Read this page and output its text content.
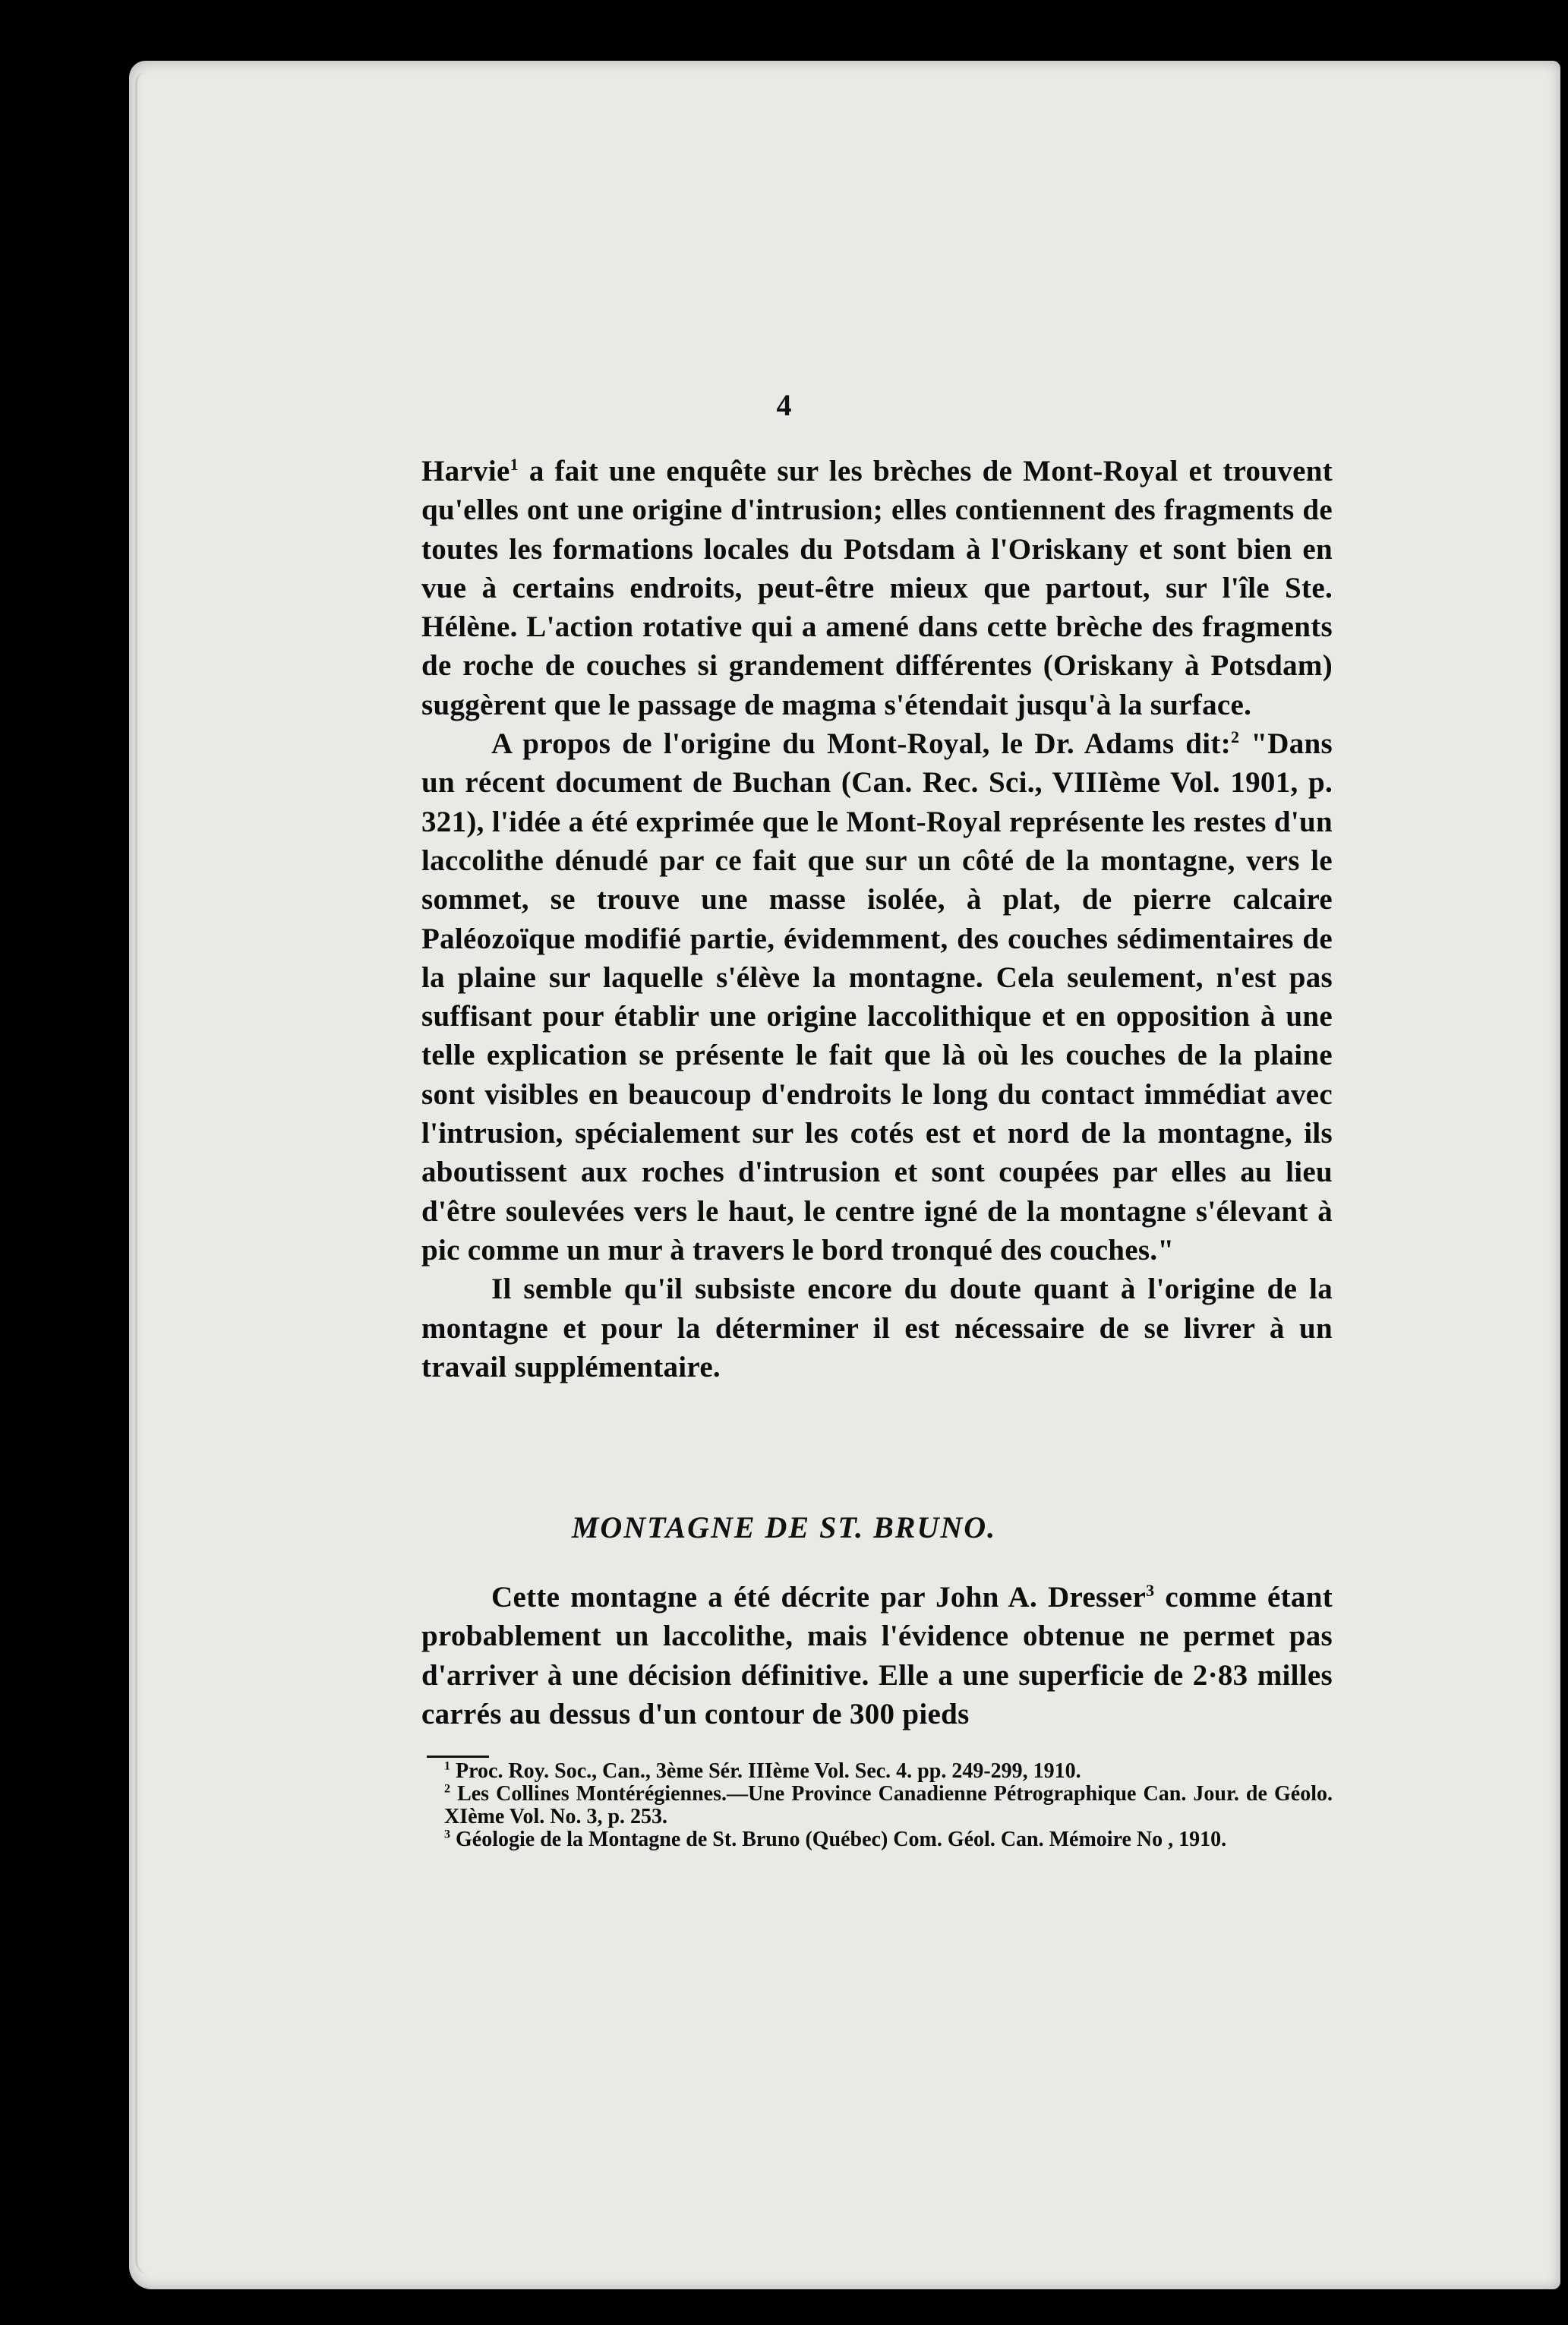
4

Harvie$^1$ a fait une enquête sur les brèches de Mont-Royal et trouvent qu'elles ont une origine d'intrusion; elles contiennent des fragments de toutes les formations locales du Potsdam à l'Oriskany et sont bien en vue à certains endroits, peut-être mieux que partout, sur l'île Ste. Hélène. L'action rotative qui a amené dans cette brèche des fragments de roche de couches si grandement différentes (Oriskany à Potsdam) suggèrent que le passage de magma s'étendait jusqu'à la surface.

A propos de l'origine du Mont-Royal, le Dr. Adams dit:$^2$ "Dans un récent document de Buchan (Can. Rec. Sci., VIIIème Vol. 1901, p. 321), l'idée a été exprimée que le Mont-Royal représente les restes d'un laccolithe dénudé par ce fait que sur un côté de la montagne, vers le sommet, se trouve une masse isolée, à plat, de pierre calcaire Paléozoïque modifié partie, évidemment, des couches sédimentaires de la plaine sur laquelle s'élève la montagne. Cela seulement, n'est pas suffisant pour établir une origine laccolithique et en opposition à une telle explication se présente le fait que là où les couches de la plaine sont visibles en beaucoup d'endroits le long du contact immédiat avec l'intrusion, spécialement sur les cotés est et nord de la montagne, ils aboutissent aux roches d'intrusion et sont coupées par elles au lieu d'être soulevées vers le haut, le centre igné de la montagne s'élevant à pic comme un mur à travers le bord tronqué des couches."

Il semble qu'il subsiste encore du doute quant à l'origine de la montagne et pour la déterminer il est nécessaire de se livrer à un travail supplémentaire.

MONTAGNE DE ST. BRUNO.

Cette montagne a été décrite par John A. Dresser$^3$ comme étant probablement un laccolithe, mais l'évidence obtenue ne permet pas d'arriver à une décision définitive. Elle a une superficie de 2·83 milles carrés au dessus d'un contour de 300 pieds

$^1$ Proc. Roy. Soc., Can., 3ème Sér. IIIème Vol. Sec. 4. pp. 249-299, 1910.

$^2$ Les Collines Montérégiennes.—Une Province Canadienne Pétrographique Can. Jour. de Géolo. XIème Vol. No. 3, p. 253.

$^3$ Géologie de la Montagne de St. Bruno (Québec) Com. Géol. Can. Mémoire No , 1910.
